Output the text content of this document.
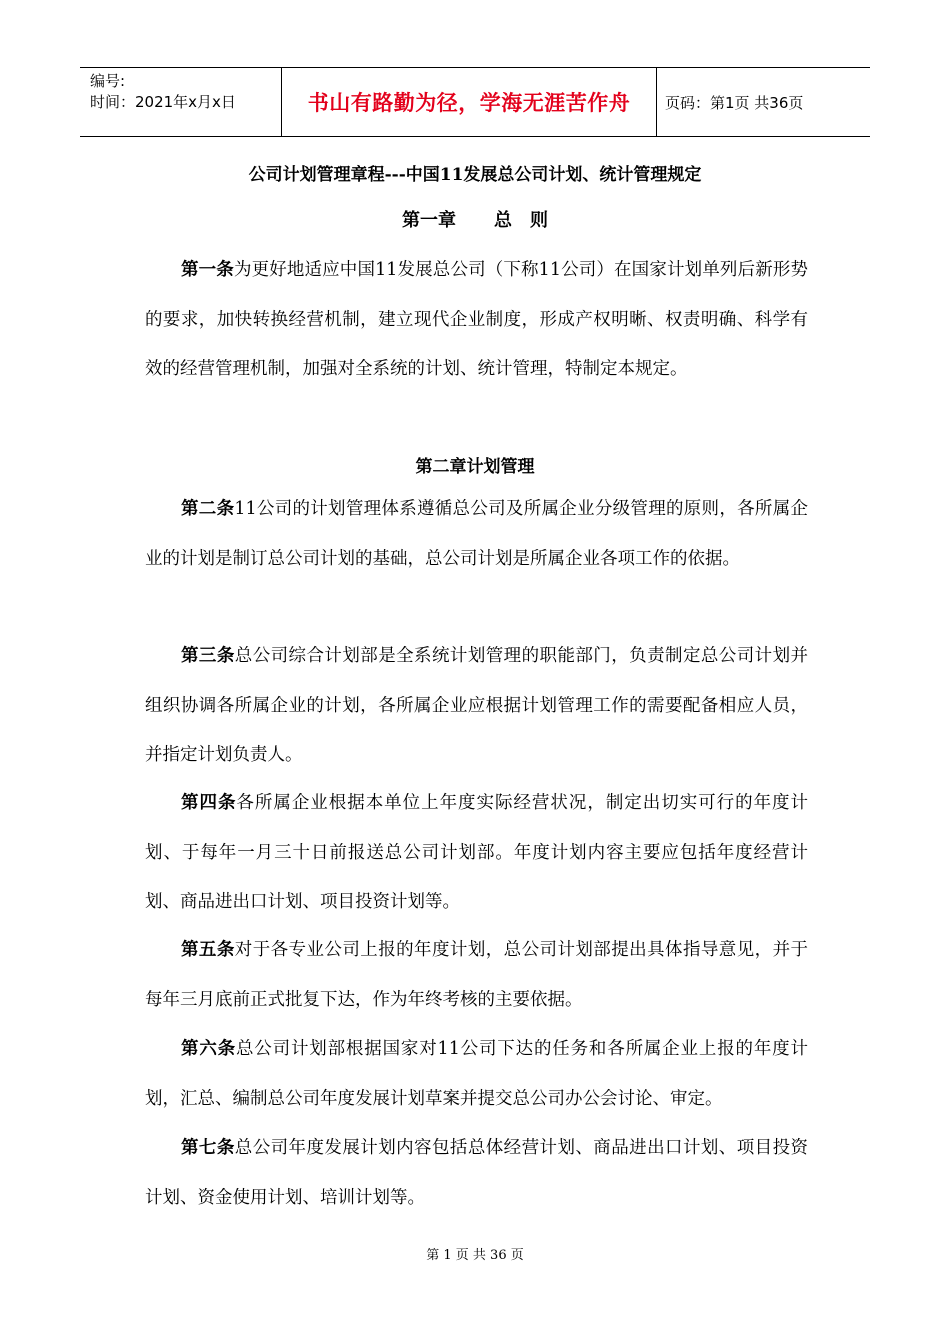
编号:
时间：2021年x月x日	书山有路勤为径，学海无涯苦作舟	页码：第1页 共36页
公司计划管理章程---中国11发展总公司计划、统计管理规定
第一章 总 则

第一条为更好地适应中国11发展总公司（下称11公司）在国家计划单列后新形势的要求，加快转换经营机制，建立现代企业制度，形成产权明晰、权责明确、科学有效的经营管理机制，加强对全系统的计划、统计管理，特制定本规定。

第二章计划管理

第二条11公司的计划管理体系遵循总公司及所属企业分级管理的原则，各所属企业的计划是制订总公司计划的基础，总公司计划是所属企业各项工作的依据。

第三条总公司综合计划部是全系统计划管理的职能部门，负责制定总公司计划并组织协调各所属企业的计划，各所属企业应根据计划管理工作的需要配备相应人员，并指定计划负责人。

第四条各所属企业根据本单位上年度实际经营状况，制定出切实可行的年度计划、于每年一月三十日前报送总公司计划部。年度计划内容主要应包括年度经营计划、商品进出口计划、项目投资计划等。

第五条对于各专业公司上报的年度计划，总公司计划部提出具体指导意见，并于每年三月底前正式批复下达，作为年终考核的主要依据。

第六条总公司计划部根据国家对11公司下达的任务和各所属企业上报的年度计划，汇总、编制总公司年度发展计划草案并提交总公司办公会讨论、审定。

第七条总公司年度发展计划内容包括总体经营计划、商品进出口计划、项目投资计划、资金使用计划、培训计划等。

第 1 页 共 36 页
